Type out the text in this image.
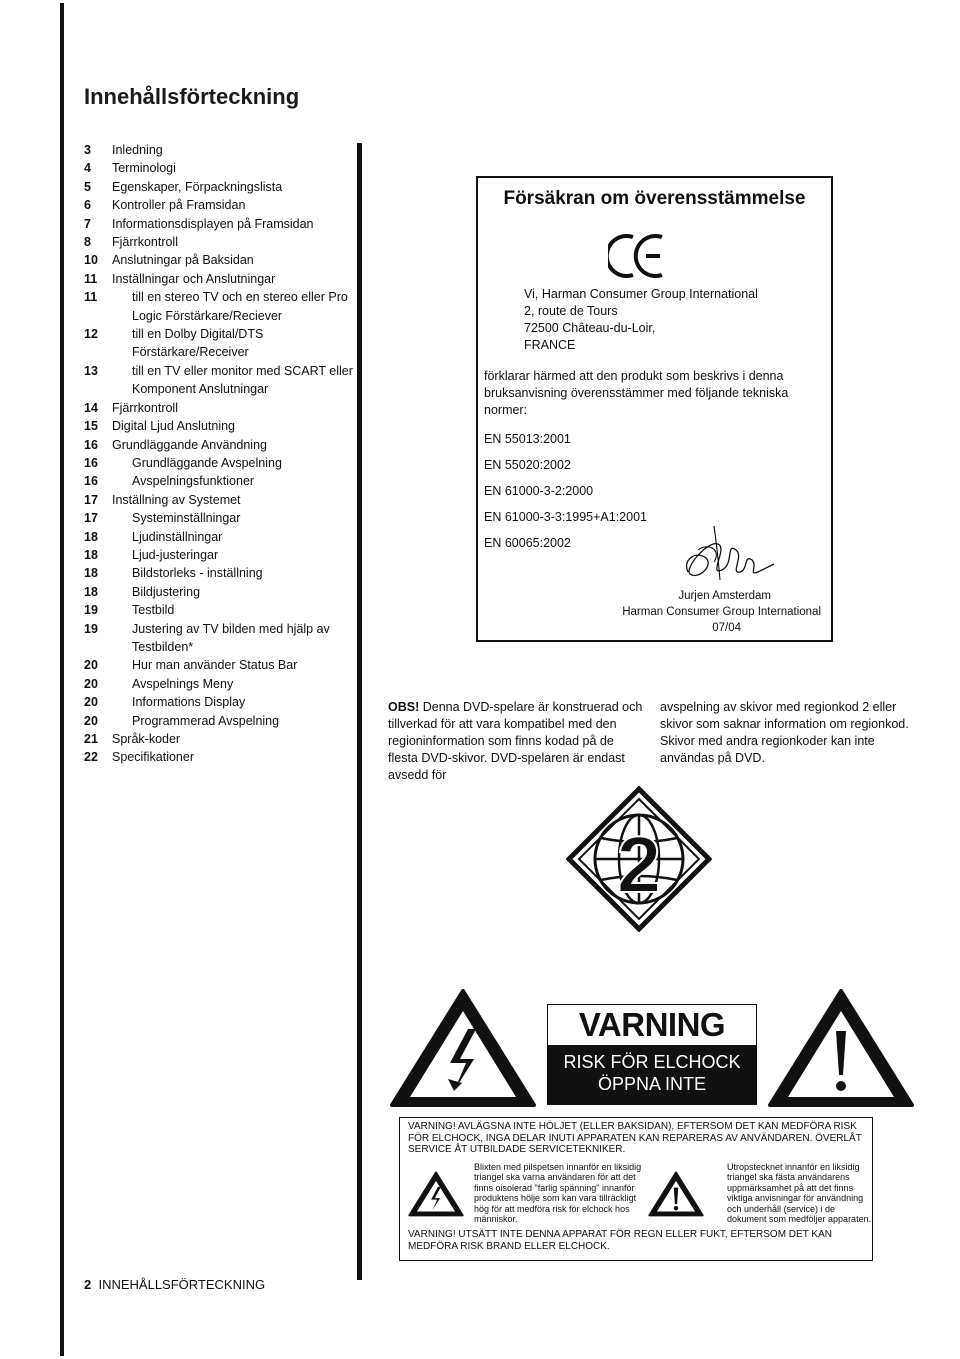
Innehållsförteckning
3	Inledning
4	Terminologi
5	Egenskaper, Förpackningslista
6	Kontroller på Framsidan
7	Informationsdisplayen på Framsidan
8	Fjärrkontroll
10	Anslutningar på Baksidan
11	Inställningar och Anslutningar
11	till en stereo TV och en stereo eller Pro Logic Förstärkare/Reciever
12	till en Dolby Digital/DTS Förstärkare/Receiver
13	till en TV eller monitor med SCART eller Komponent Anslutningar
14	Fjärrkontroll
15	Digital Ljud Anslutning
16	Grundläggande Användning
16	Grundläggande Avspelning
16	Avspelningsfunktioner
17	Inställning av Systemet
17	Systeminställningar
18	Ljudinställningar
18	Ljud-justeringar
18	Bildstorleks - inställning
18	Bildjustering
19	Testbild
19	Justering av TV bilden med hjälp av Testbilden*
20	Hur man använder Status Bar
20	Avspelnings Meny
20	Informations Display
20	Programmerad Avspelning
21	Språk-koder
22	Specifikationer
Försäkran om överensstämmelse
Vi, Harman Consumer Group International
2, route de Tours
72500 Château-du-Loir,
FRANCE
förklarar härmed att den produkt som beskrivs i denna bruksanvisning överensstämmer med följande tekniska normer:
EN 55013:2001
EN 55020:2002
EN 61000-3-2:2000
EN 61000-3-3:1995+A1:2001
EN 60065:2002
Jurjen Amsterdam
Harman Consumer Group International
07/04
OBS! Denna DVD-spelare är konstruerad och tillverkad för att vara kompatibel med den regioninformation som finns kodad på de flesta DVD-skivor. DVD-spelaren är endast avsedd för
avspelning av skivor med regionkod 2 eller skivor som saknar information om regionkod. Skivor med andra regionkoder kan inte användas på DVD.
2
VARNING
RISK FÖR ELCHOCK
ÖPPNA INTE
VARNING! AVLÄGSNA INTE HÖLJET (ELLER BAKSIDAN), EFTERSOM DET KAN MEDFÖRA RISK FÖR ELCHOCK, INGA DELAR INUTI APPARATEN KAN REPARERAS AV ANVÄNDAREN. ÖVERLÅT SERVICE ÅT UTBILDADE SERVICETEKNIKER.
Blixten med pilspetsen innanför en liksidig triangel ska varna användaren för att det finns oisolerad "farlig spänning" innanför produktens hölje som kan vara tillräckligt hög för att medföra risk för elchock hos människor.
Utropstecknet innanför en liksidig triangel ska fästa användarens uppmärksamhet på att det finns viktiga anvisningar för användning och underhåll (service) i de dokument som medföljer apparaten.
VARNING! UTSÄTT INTE DENNA APPARAT FÖR REGN ELLER FUKT, EFTERSOM DET KAN MEDFÖRA RISK BRAND ELLER ELCHOCK.
2 INNEHÅLLSFÖRTECKNING
